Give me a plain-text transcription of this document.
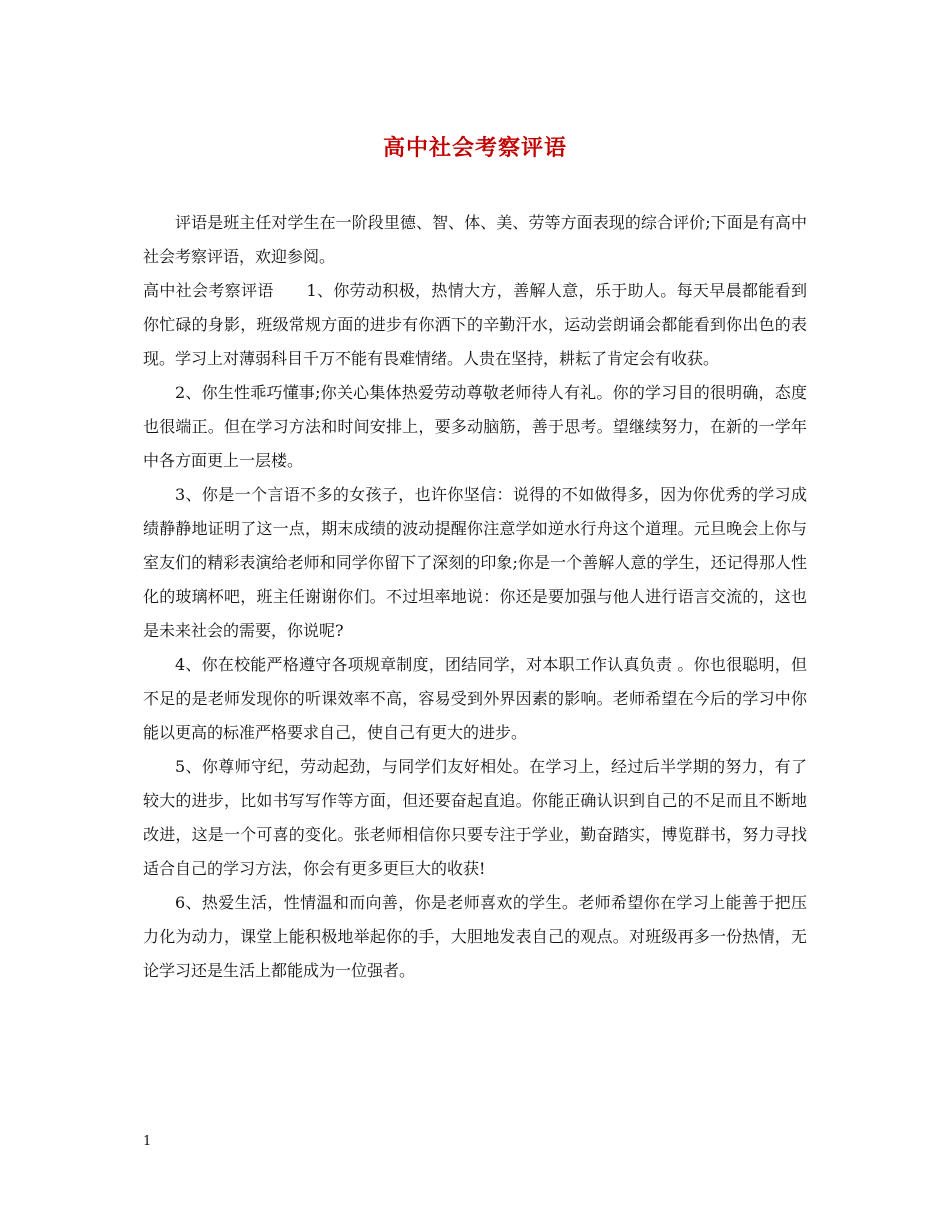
高中社会考察评语

评语是班主任对学生在一阶段里德、智、体、美、劳等方面表现的综合评价;下面是有高中社会考察评语，欢迎参阅。

高中社会考察评语　　1、你劳动积极，热情大方，善解人意，乐于助人。每天早晨都能看到你忙碌的身影，班级常规方面的进步有你洒下的辛勤汗水，运动尝朗诵会都能看到你出色的表现。学习上对薄弱科目千万不能有畏难情绪。人贵在坚持，耕耘了肯定会有收获。

2、你生性乖巧懂事;你关心集体热爱劳动尊敬老师待人有礼。你的学习目的很明确，态度也很端正。但在学习方法和时间安排上，要多动脑筋，善于思考。望继续努力，在新的一学年中各方面更上一层楼。

3、你是一个言语不多的女孩子，也许你坚信：说得的不如做得多，因为你优秀的学习成绩静静地证明了这一点，期末成绩的波动提醒你注意学如逆水行舟这个道理。元旦晚会上你与室友们的精彩表演给老师和同学你留下了深刻的印象;你是一个善解人意的学生，还记得那人性化的玻璃杯吧，班主任谢谢你们。不过坦率地说：你还是要加强与他人进行语言交流的，这也是未来社会的需要，你说呢?

4、你在校能严格遵守各项规章制度，团结同学，对本职工作认真负责 。你也很聪明，但不足的是老师发现你的听课效率不高，容易受到外界因素的影响。老师希望在今后的学习中你能以更高的标准严格要求自己，使自己有更大的进步。

5、你尊师守纪，劳动起劲，与同学们友好相处。在学习上，经过后半学期的努力，有了较大的进步，比如书写写作等方面，但还要奋起直追。你能正确认识到自己的不足而且不断地改进，这是一个可喜的变化。张老师相信你只要专注于学业，勤奋踏实，博览群书，努力寻找适合自己的学习方法，你会有更多更巨大的收获!

6、热爱生活，性情温和而向善，你是老师喜欢的学生。老师希望你在学习上能善于把压力化为动力，课堂上能积极地举起你的手，大胆地发表自己的观点。对班级再多一份热情，无论学习还是生活上都能成为一位强者。

1
